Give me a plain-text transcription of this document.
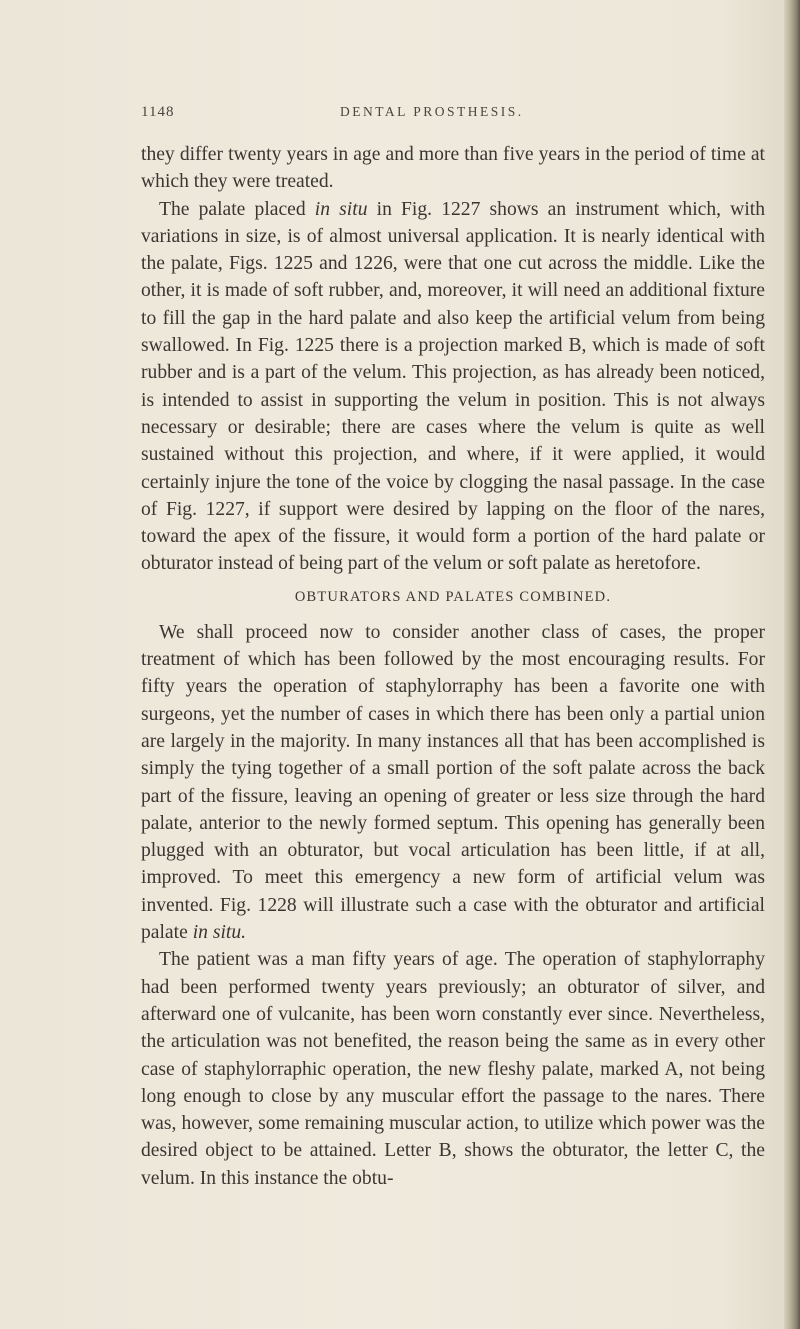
1148	DENTAL PROSTHESIS.

they differ twenty years in age and more than five years in the period of time at which they were treated.

The palate placed in situ in Fig. 1227 shows an instrument which, with variations in size, is of almost universal application. It is nearly identical with the palate, Figs. 1225 and 1226, were that one cut across the middle. Like the other, it is made of soft rubber, and, moreover, it will need an additional fixture to fill the gap in the hard palate and also keep the artificial velum from being swallowed. In Fig. 1225 there is a projection marked B, which is made of soft rubber and is a part of the velum. This projection, as has already been noticed, is intended to assist in supporting the velum in position. This is not always necessary or desirable; there are cases where the velum is quite as well sustained without this projection, and where, if it were applied, it would certainly injure the tone of the voice by clogging the nasal passage. In the case of Fig. 1227, if support were desired by lapping on the floor of the nares, toward the apex of the fissure, it would form a portion of the hard palate or obturator instead of being part of the velum or soft palate as heretofore.

OBTURATORS AND PALATES COMBINED.

We shall proceed now to consider another class of cases, the proper treatment of which has been followed by the most encouraging results. For fifty years the operation of staphylorraphy has been a favorite one with surgeons, yet the number of cases in which there has been only a partial union are largely in the majority. In many instances all that has been accomplished is simply the tying together of a small portion of the soft palate across the back part of the fissure, leaving an opening of greater or less size through the hard palate, anterior to the newly formed septum. This opening has generally been plugged with an obturator, but vocal articulation has been little, if at all, improved. To meet this emergency a new form of artificial velum was invented. Fig. 1228 will illustrate such a case with the obturator and artificial palate in situ.

The patient was a man fifty years of age. The operation of staphylorraphy had been performed twenty years previously; an obturator of silver, and afterward one of vulcanite, has been worn constantly ever since. Nevertheless, the articulation was not benefited, the reason being the same as in every other case of staphylorraphic operation, the new fleshy palate, marked A, not being long enough to close by any muscular effort the passage to the nares. There was, however, some remaining muscular action, to utilize which power was the desired object to be attained. Letter B, shows the obturator, the letter C, the velum. In this instance the obtu-
